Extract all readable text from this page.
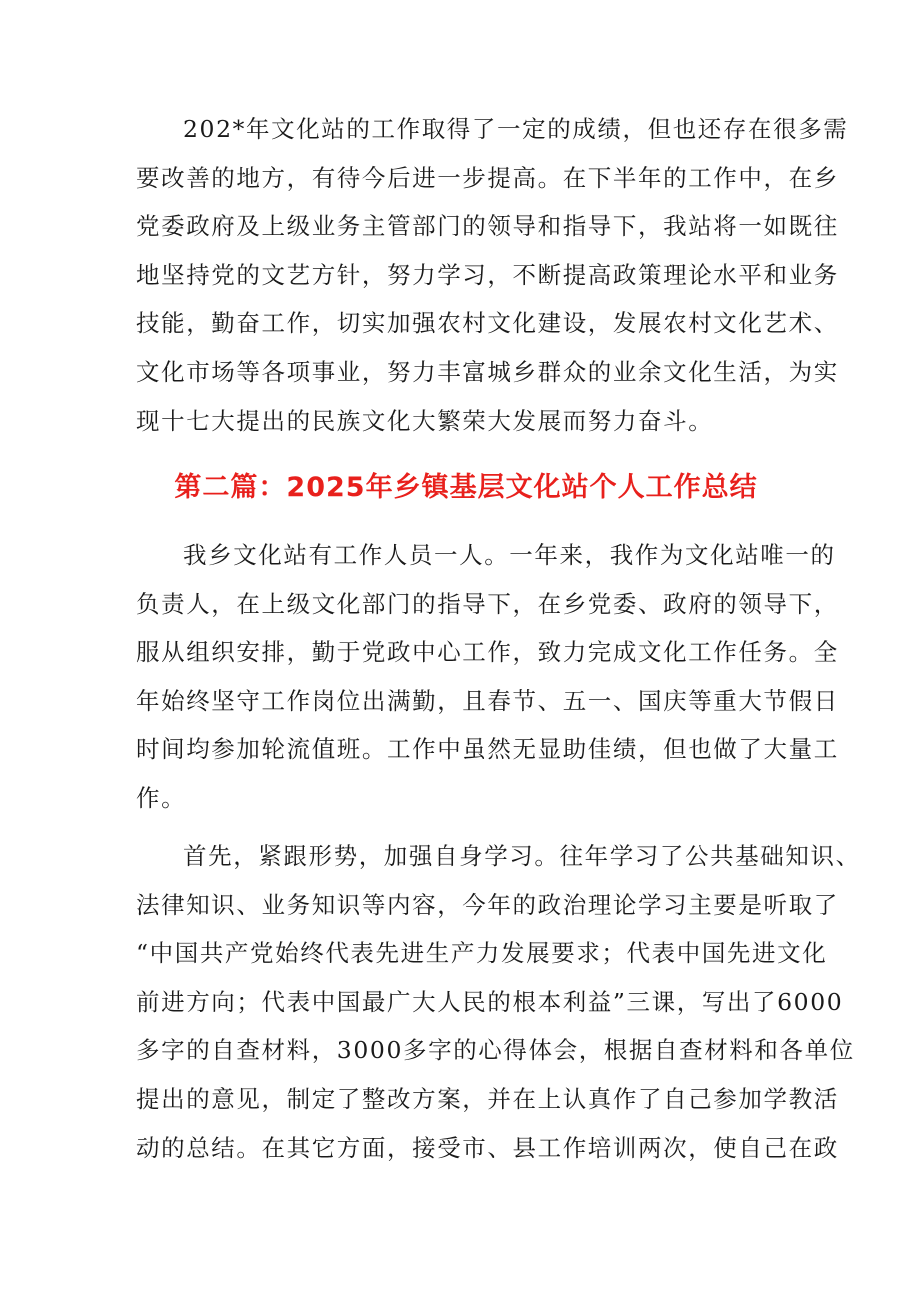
202*年文化站的工作取得了一定的成绩，但也还存在很多需
要改善的地方，有待今后进一步提高。在下半年的工作中，在乡
党委政府及上级业务主管部门的领导和指导下，我站将一如既往
地坚持党的文艺方针，努力学习，不断提高政策理论水平和业务
技能，勤奋工作，切实加强农村文化建设，发展农村文化艺术、
文化市场等各项事业，努力丰富城乡群众的业余文化生活，为实
现十七大提出的民族文化大繁荣大发展而努力奋斗。
第二篇：2025年乡镇基层文化站个人工作总结
我乡文化站有工作人员一人。一年来，我作为文化站唯一的
负责人，在上级文化部门的指导下，在乡党委、政府的领导下，
服从组织安排，勤于党政中心工作，致力完成文化工作任务。全
年始终坚守工作岗位出满勤，且春节、五一、国庆等重大节假日
时间均参加轮流值班。工作中虽然无显助佳绩，但也做了大量工
作。
首先，紧跟形势，加强自身学习。往年学习了公共基础知识、
法律知识、业务知识等内容，今年的政治理论学习主要是听取了
“中国共产党始终代表先进生产力发展要求；代表中国先进文化
前进方向；代表中国最广大人民的根本利益”三课，写出了6000
多字的自查材料，3000多字的心得体会，根据自查材料和各单位
提出的意见，制定了整改方案，并在上认真作了自己参加学教活
动的总结。在其它方面，接受市、县工作培训两次，使自己在政
